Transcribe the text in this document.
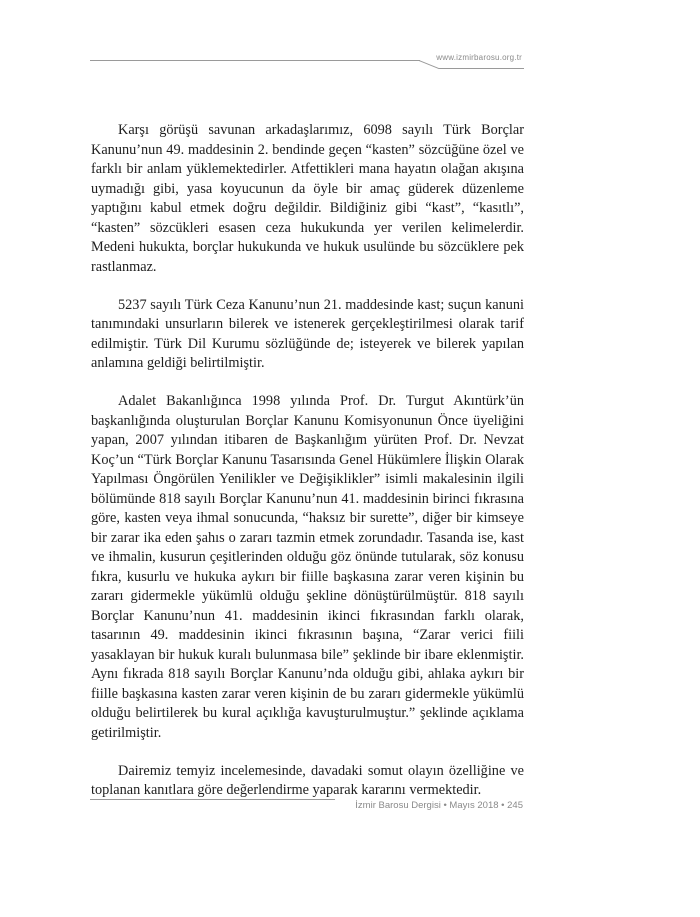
www.izmirbarosu.org.tr

Karşı görüşü savunan arkadaşlarımız, 6098 sayılı Türk Borçlar Kanunu’nun 49. maddesinin 2. bendinde geçen “kasten” sözcüğüne özel ve farklı bir anlam yüklemektedirler. Atfettikleri mana hayatın olağan akışına uymadığı gibi, yasa koyucunun da öyle bir amaç güderek düzenleme yaptığını kabul etmek doğru değildir. Bildiğiniz gibi “kast”, “kasıtlı”, “kasten” sözcükleri esasen ceza hukukunda yer verilen kelimelerdir. Medeni hukukta, borçlar hukukunda ve hukuk usulünde bu sözcüklere pek rastlanmaz.

5237 sayılı Türk Ceza Kanunu’nun 21. maddesinde kast; suçun kanuni tanımındaki unsurların bilerek ve istenerek gerçekleştirilmesi olarak tarif edilmiştir. Türk Dil Kurumu sözlüğünde de; isteyerek ve bilerek yapılan anlamına geldiği belirtilmiştir.

Adalet Bakanlığınca 1998 yılında Prof. Dr. Turgut Akıntürk’ün başkanlığında oluşturulan Borçlar Kanunu Komisyonunun Önce üyeliğini yapan, 2007 yılından itibaren de Başkanlığım yürüten Prof. Dr. Nevzat Koç’un “Türk Borçlar Kanunu Tasarısında Genel Hükümlere İlişkin Olarak Yapılması Öngörülen Yenilikler ve Değişiklikler” isimli makalesinin ilgili bölümünde 818 sayılı Borçlar Kanunu’nun 41. maddesinin birinci fıkrasına göre, kasten veya ihmal sonucunda, “haksız bir surette”, diğer bir kimseye bir zarar ika eden şahıs o zararı tazmin etmek zorundadır. Tasanda ise, kast ve ihmalin, kusurun çeşitlerinden olduğu göz önünde tutularak, söz konusu fıkra, kusurlu ve hukuka aykırı bir fiille başkasına zarar veren kişinin bu zararı gidermekle yükümlü olduğu şekline dönüştürülmüştür. 818 sayılı Borçlar Kanunu’nun 41. maddesinin ikinci fıkrasından farklı olarak, tasarının 49. maddesinin ikinci fıkrasının başına, “Zarar verici fiili yasaklayan bir hukuk kuralı bulunmasa bile” şeklinde bir ibare eklenmiştir. Aynı fıkrada 818 sayılı Borçlar Kanunu’nda olduğu gibi, ahlaka aykırı bir fiille başkasına kasten zarar veren kişinin de bu zararı gidermekle yükümlü olduğu belirtilerek bu kural açıklığa kavuşturulmuştur.” şeklinde açıklama getirilmiştir.

Dairemiz temyiz incelemesinde, davadaki somut olayın özelliğine ve toplanan kanıtlara göre değerlendirme yaparak kararını vermektedir.

İzmir Barosu Dergisi • Mayıs 2018 • 245
